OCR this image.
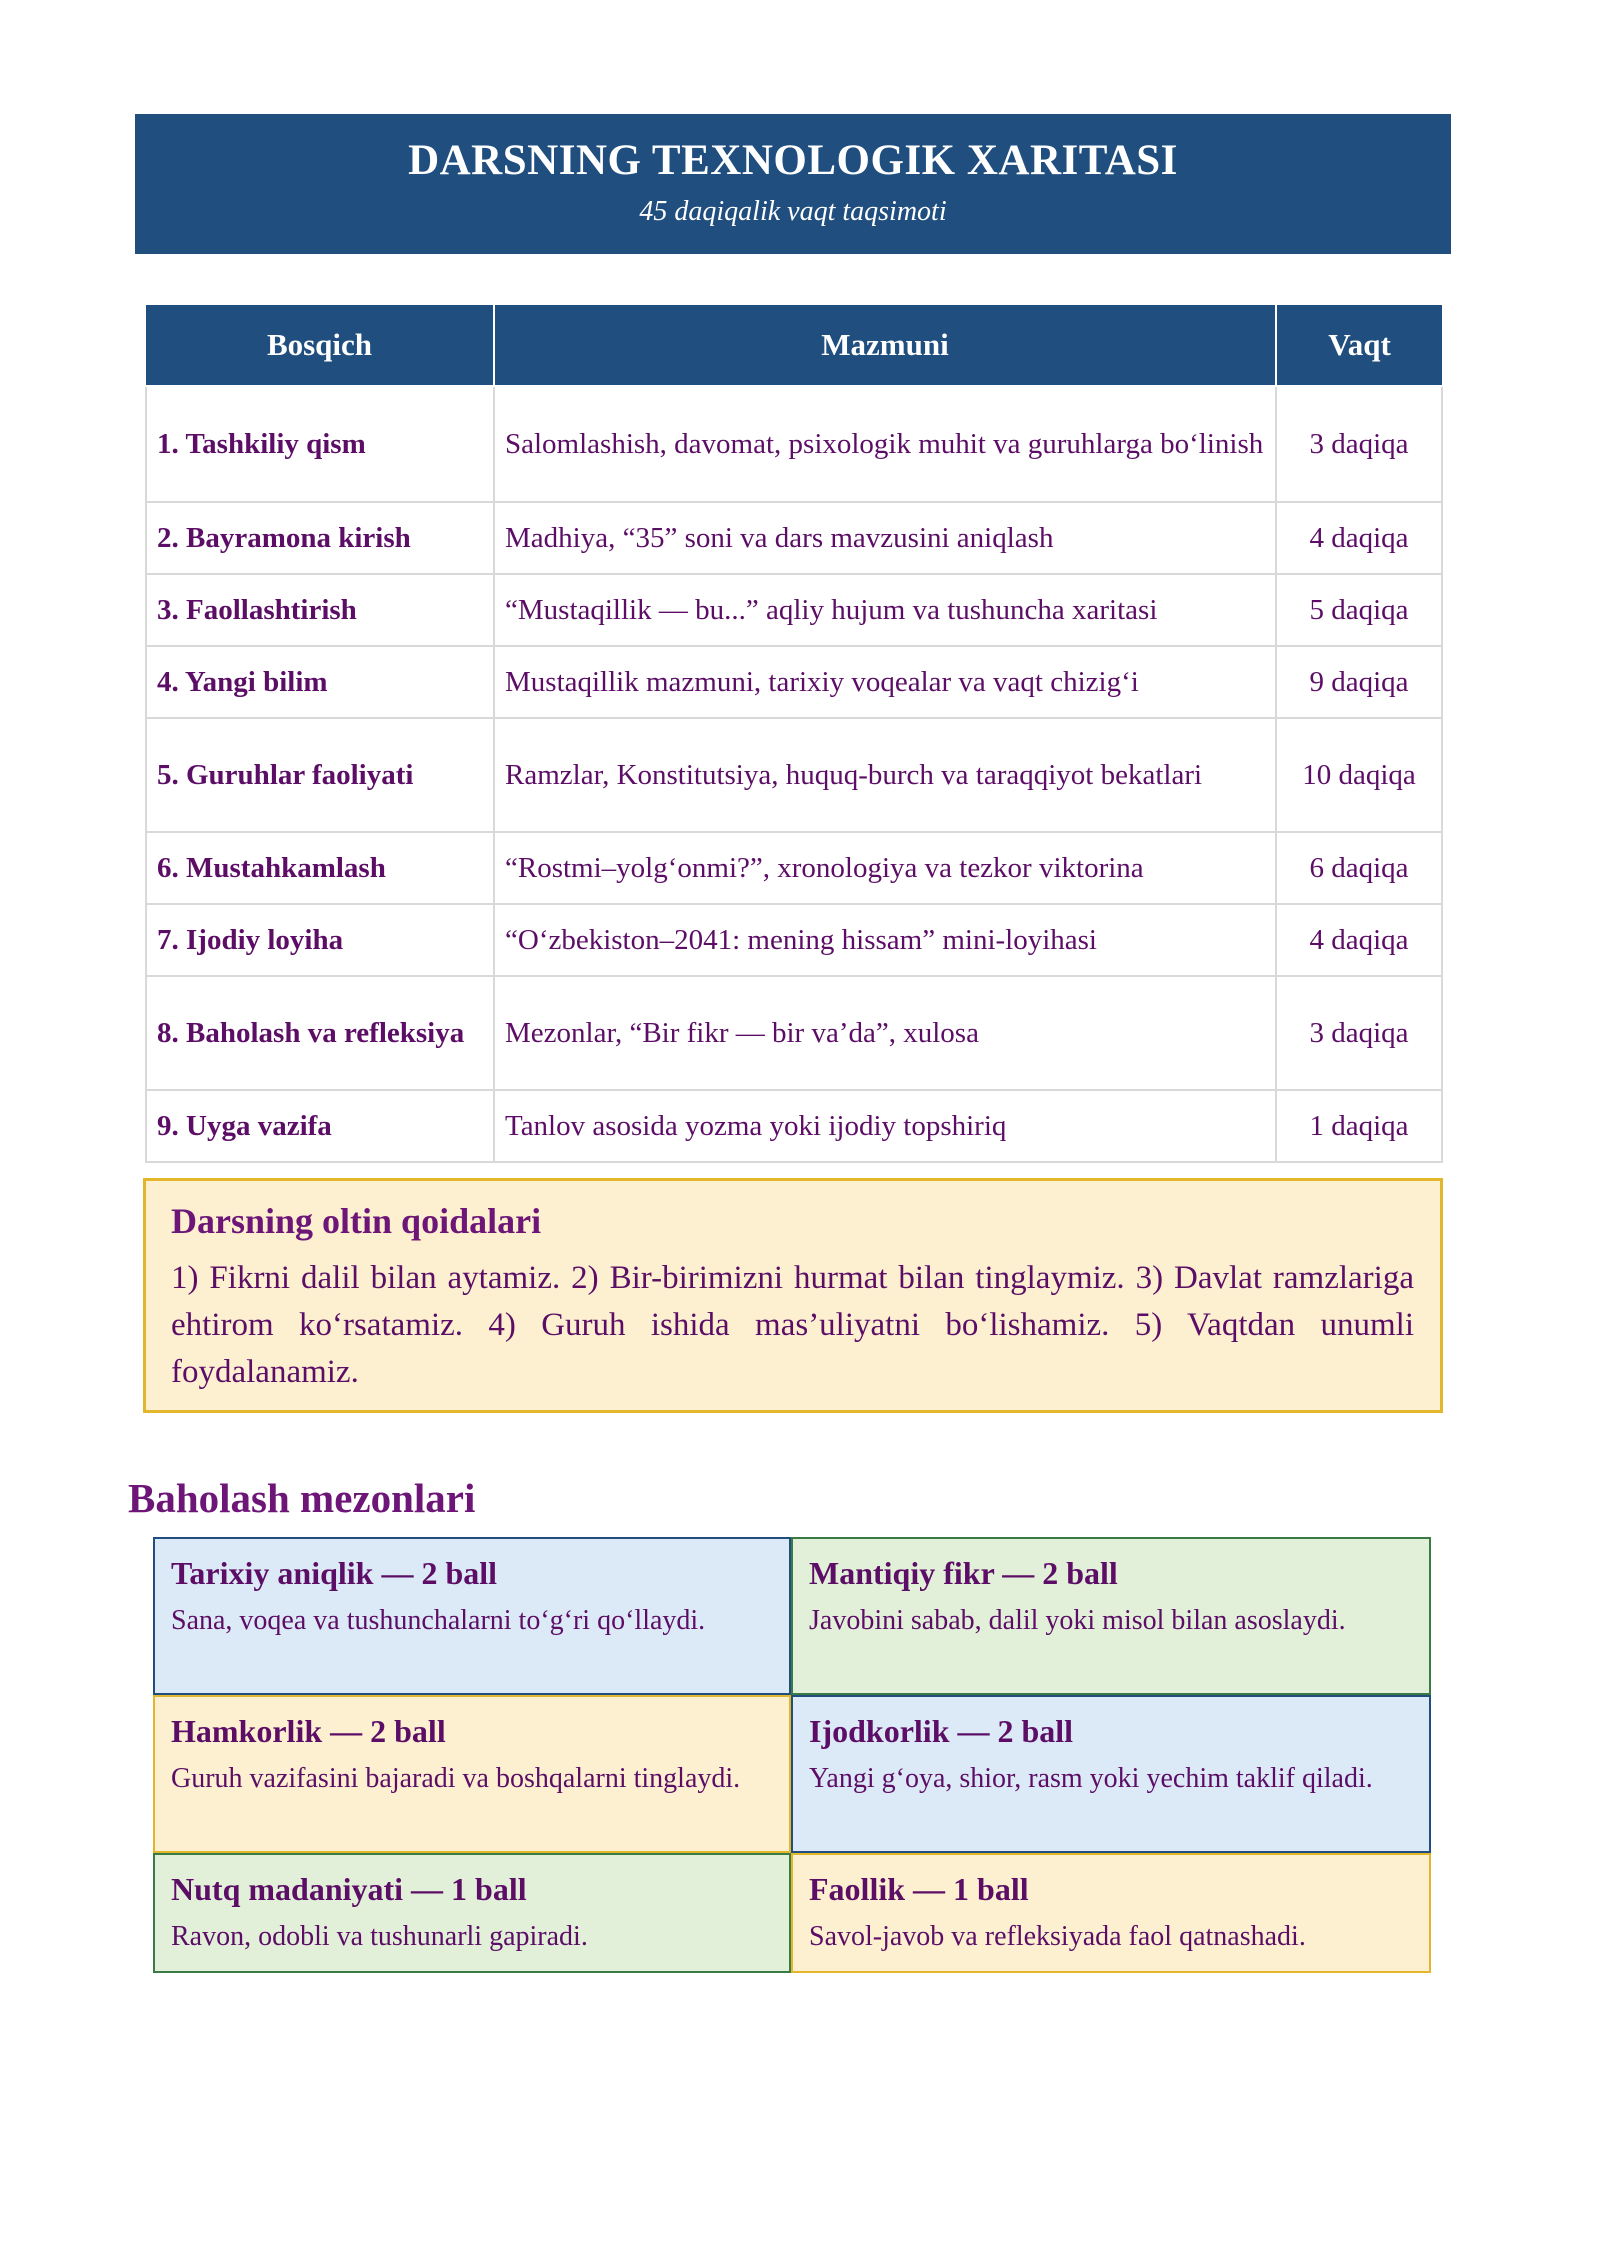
DARSNING TEXNOLOGIK XARITASI
45 daqiqalik vaqt taqsimoti
Bosqich	Mazmuni	Vaqt
1. Tashkiliy qism	Salomlashish, davomat, psixologik muhit va guruhlarga bo‘linish	3 daqiqa
2. Bayramona kirish	Madhiya, “35” soni va dars mavzusini aniqlash	4 daqiqa
3. Faollashtirish	“Mustaqillik — bu...” aqliy hujum va tushuncha xaritasi	5 daqiqa
4. Yangi bilim	Mustaqillik mazmuni, tarixiy voqealar va vaqt chizig‘i	9 daqiqa
5. Guruhlar faoliyati	Ramzlar, Konstitutsiya, huquq-burch va taraqqiyot bekatlari	10 daqiqa
6. Mustahkamlash	“Rostmi–yolg‘onmi?”, xronologiya va tezkor viktorina	6 daqiqa
7. Ijodiy loyiha	“O‘zbekiston–2041: mening hissam” mini-loyihasi	4 daqiqa
8. Baholash va refleksiya	Mezonlar, “Bir fikr — bir va’da”, xulosa	3 daqiqa
9. Uyga vazifa	Tanlov asosida yozma yoki ijodiy topshiriq	1 daqiqa
Darsning oltin qoidalari
1) Fikrni dalil bilan aytamiz. 2) Bir-birimizni hurmat bilan tinglaymiz. 3) Davlat ramzlariga ehtirom ko‘rsatamiz. 4) Guruh ishida mas’uliyatni bo‘lishamiz. 5) Vaqtdan unumli foydalanamiz.
Baholash mezonlari
Tarixiy aniqlik — 2 ball
Sana, voqea va tushunchalarni to‘g‘ri qo‘llaydi.
Mantiqiy fikr — 2 ball
Javobini sabab, dalil yoki misol bilan asoslaydi.
Hamkorlik — 2 ball
Guruh vazifasini bajaradi va boshqalarni tinglaydi.
Ijodkorlik — 2 ball
Yangi g‘oya, shior, rasm yoki yechim taklif qiladi.
Nutq madaniyati — 1 ball
Ravon, odobli va tushunarli gapiradi.
Faollik — 1 ball
Savol-javob va refleksiyada faol qatnashadi.
